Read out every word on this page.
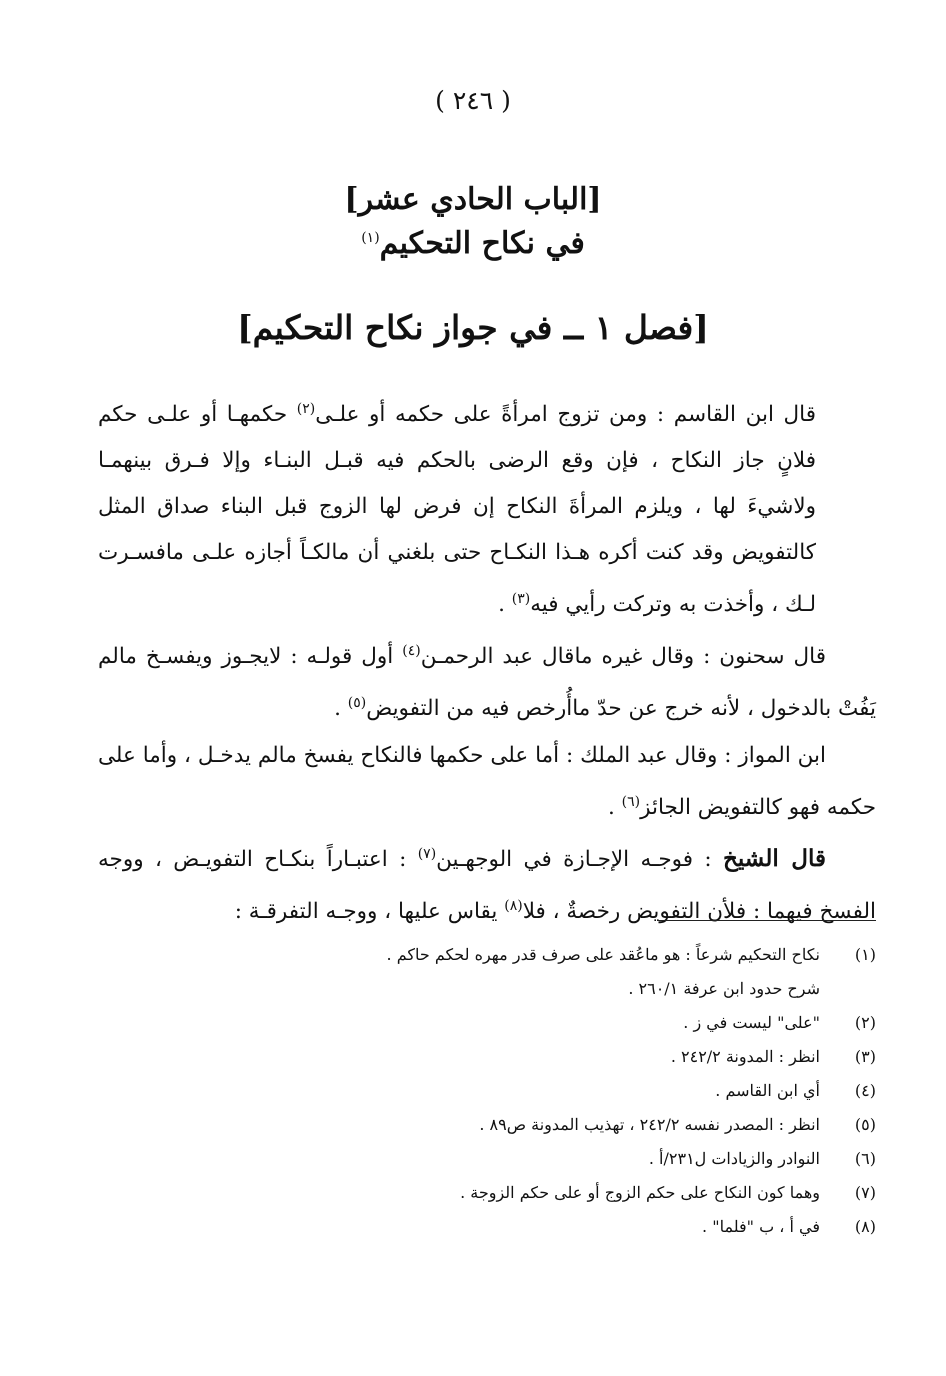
( ٢٤٦ )
[الباب الحادي عشر]
في نكاح التحكيم$^{(١)}$
[فصل ١ ــ في جواز نكاح التحكيم]

قال ابن القاسم : ومن تزوج امرأةً على حكمه أو علـى$^{(٢)}$ حكمهـا أو علـى حكم فلانٍ جاز النكاح ، فإن وقع الرضى بالحكم فيه قبـل البنـاء وإلا فـرق بينهمـا ولاشيءَ لها ، ويلزم المرأةَ النكاح إن فرض لها الزوج قبل البناء صداق المثل كالتفويض وقد كنت أكره هـذا النكـاح حتى بلغني أن مالكـاً أجازه علـى مافسـرت لـك ، وأخذت به وتركت رأيي فيه$^{(٣)}$ .

قال سحنون : وقال غيره ماقال عبد الرحمـن$^{(٤)}$ أول قولـه : لايجـوز ويفسـخ مالم يَفُتْ بالدخول ، لأنه خرج عن حدّ ماأُرخص فيه من التفويض$^{(٥)}$ .

ابن المواز : وقال عبد الملك : أما على حكمها فالنكاح يفسخ مالم يدخـل ، وأما على حكمه فهو كالتفويض الجائز$^{(٦)}$ .

قال الشيخ : فوجـه الإجـازة في الوجهـين$^{(٧)}$ : اعتبـاراً بنكـاح التفويـض ، ووجه الفسخ فيهما : فلأن التفويض رخصةٌ ، فلا$^{(٨)}$ يقاس عليها ، ووجـه التفرقـة :

(١)
نكاح التحكيم شرعاً : هو ماعُقد على صرف قدر مهره لحكم حاكم .
شرح حدود ابن عرفة ٢٦٠/١ .
(٢)
"على" ليست في ز .
(٣)
انظر : المدونة ٢٤٢/٢ .
(٤)
أي ابن القاسم .
(٥)
انظر : المصدر نفسه ٢٤٢/٢ ، تهذيب المدونة ص٨٩ .
(٦)
النوادر والزيادات ل٢٣١/أ .
(٧)
وهما كون النكاح على حكم الزوج أو على حكم الزوجة .
(٨)
في أ ، ب "فلما" .
